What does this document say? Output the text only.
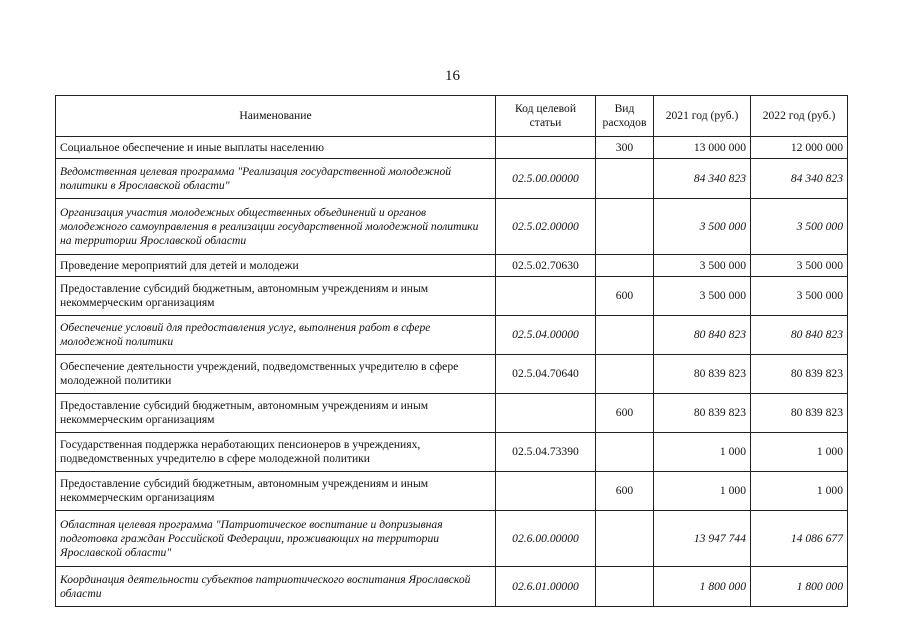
16
Наименование	Код целевой статьи	Вид расходов	2021 год (руб.)	2022 год (руб.)
Социальное обеспечение и иные выплаты населению		300	13 000 000	12 000 000
Ведомственная целевая программа "Реализация государственной молодежной политики в Ярославской области"	02.5.00.00000		84 340 823	84 340 823
Организация участия молодежных общественных объединений и органов молодежного самоуправления в реализации государственной молодежной политики на территории Ярославской области	02.5.02.00000		3 500 000	3 500 000
Проведение мероприятий для детей и молодежи	02.5.02.70630		3 500 000	3 500 000
Предоставление субсидий бюджетным, автономным учреждениям и иным некоммерческим организациям		600	3 500 000	3 500 000
Обеспечение условий для предоставления услуг, выполнения работ в сфере молодежной политики	02.5.04.00000		80 840 823	80 840 823
Обеспечение деятельности учреждений, подведомственных учредителю в сфере молодежной политики	02.5.04.70640		80 839 823	80 839 823
Предоставление субсидий бюджетным, автономным учреждениям и иным некоммерческим организациям		600	80 839 823	80 839 823
Государственная поддержка неработающих пенсионеров в учреждениях, подведомственных учредителю в сфере молодежной политики	02.5.04.73390		1 000	1 000
Предоставление субсидий бюджетным, автономным учреждениям и иным некоммерческим организациям		600	1 000	1 000
Областная целевая программа "Патриотическое воспитание и допризывная подготовка граждан Российской Федерации, проживающих на территории Ярославской области"	02.6.00.00000		13 947 744	14 086 677
Координация деятельности субъектов патриотического воспитания Ярославской области	02.6.01.00000		1 800 000	1 800 000
